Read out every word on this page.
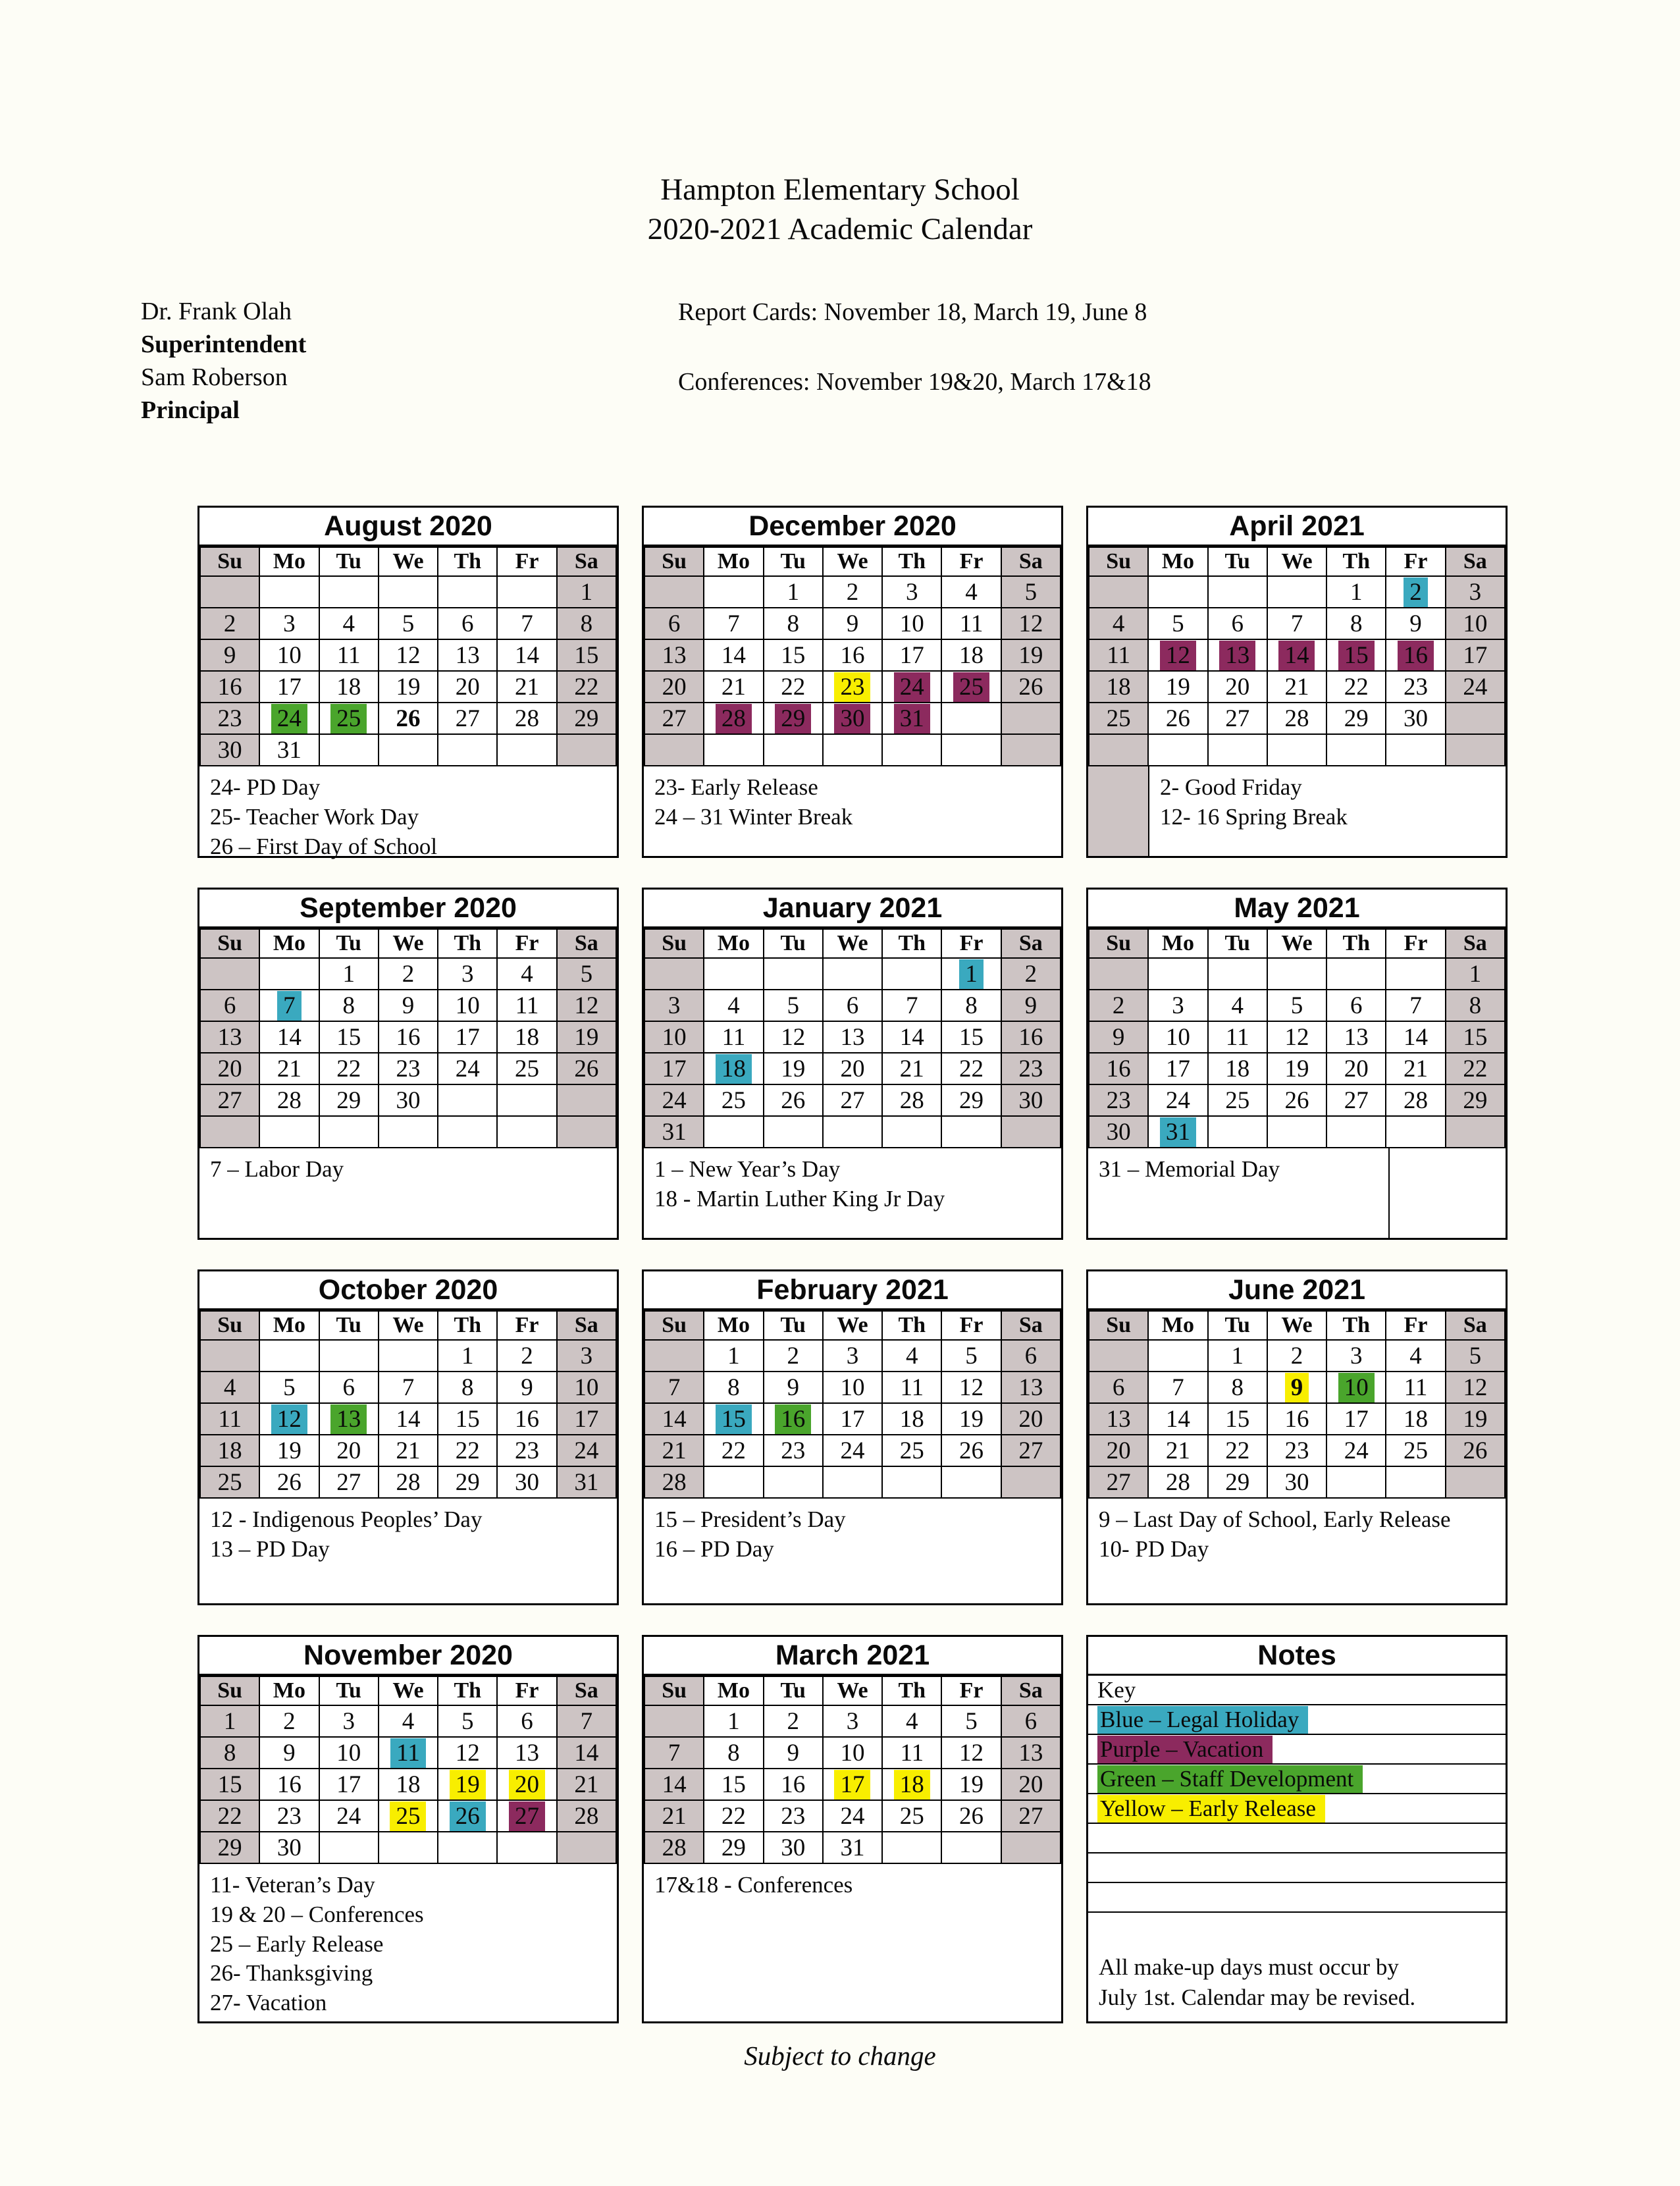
Hampton Elementary School
2020-2021 Academic Calendar
Dr. Frank Olah
Superintendent
Sam Roberson
Principal
Report Cards: November 18, March 19, June 8
Conferences: November 19&20, March 17&18
August 2020
Su	Mo	Tu	We	Th	Fr	Sa
						1
2	3	4	5	6	7	8
9	10	11	12	13	14	15
16	17	18	19	20	21	22
23	24	25	26	27	28	29
30	31					
24- PD Day
25- Teacher Work Day
26 – First Day of School
December 2020
Su	Mo	Tu	We	Th	Fr	Sa
		1	2	3	4	5
6	7	8	9	10	11	12
13	14	15	16	17	18	19
20	21	22	23	24	25	26
27	28	29	30	31		

23- Early Release
24 – 31 Winter Break
April 2021
Su	Mo	Tu	We	Th	Fr	Sa
				1	2	3
4	5	6	7	8	9	10
11	12	13	14	15	16	17
18	19	20	21	22	23	24
25	26	27	28	29	30	

2- Good Friday
12- 16 Spring Break
September 2020
Su	Mo	Tu	We	Th	Fr	Sa
		1	2	3	4	5
6	7	8	9	10	11	12
13	14	15	16	17	18	19
20	21	22	23	24	25	26
27	28	29	30			

7 – Labor Day
January 2021
Su	Mo	Tu	We	Th	Fr	Sa
					1	2
3	4	5	6	7	8	9
10	11	12	13	14	15	16
17	18	19	20	21	22	23
24	25	26	27	28	29	30
31						
1 – New Year’s Day
18 - Martin Luther King Jr Day
May 2021
Su	Mo	Tu	We	Th	Fr	Sa
						1
2	3	4	5	6	7	8
9	10	11	12	13	14	15
16	17	18	19	20	21	22
23	24	25	26	27	28	29
30	31					
31 – Memorial Day
October 2020
Su	Mo	Tu	We	Th	Fr	Sa
				1	2	3
4	5	6	7	8	9	10
11	12	13	14	15	16	17
18	19	20	21	22	23	24
25	26	27	28	29	30	31
12 - Indigenous Peoples’ Day
13 – PD Day
February 2021
Su	Mo	Tu	We	Th	Fr	Sa
	1	2	3	4	5	6
7	8	9	10	11	12	13
14	15	16	17	18	19	20
21	22	23	24	25	26	27
28						
15 – President’s Day
16 – PD Day
June 2021
Su	Mo	Tu	We	Th	Fr	Sa
		1	2	3	4	5
6	7	8	9	10	11	12
13	14	15	16	17	18	19
20	21	22	23	24	25	26
27	28	29	30			
9 – Last Day of School, Early Release
10- PD Day
November 2020
Su	Mo	Tu	We	Th	Fr	Sa
1	2	3	4	5	6	7
8	9	10	11	12	13	14
15	16	17	18	19	20	21
22	23	24	25	26	27	28
29	30					
11- Veteran’s Day
19 & 20 – Conferences
25 – Early Release
26- Thanksgiving
27- Vacation
March 2021
Su	Mo	Tu	We	Th	Fr	Sa
	1	2	3	4	5	6
7	8	9	10	11	12	13
14	15	16	17	18	19	20
21	22	23	24	25	26	27
28	29	30	31			
17&18 - Conferences
Notes
Key
Blue – Legal Holiday
Purple – Vacation
Green – Staff Development
Yellow – Early Release
All make-up days must occur by
July 1st. Calendar may be revised.
Subject to change
